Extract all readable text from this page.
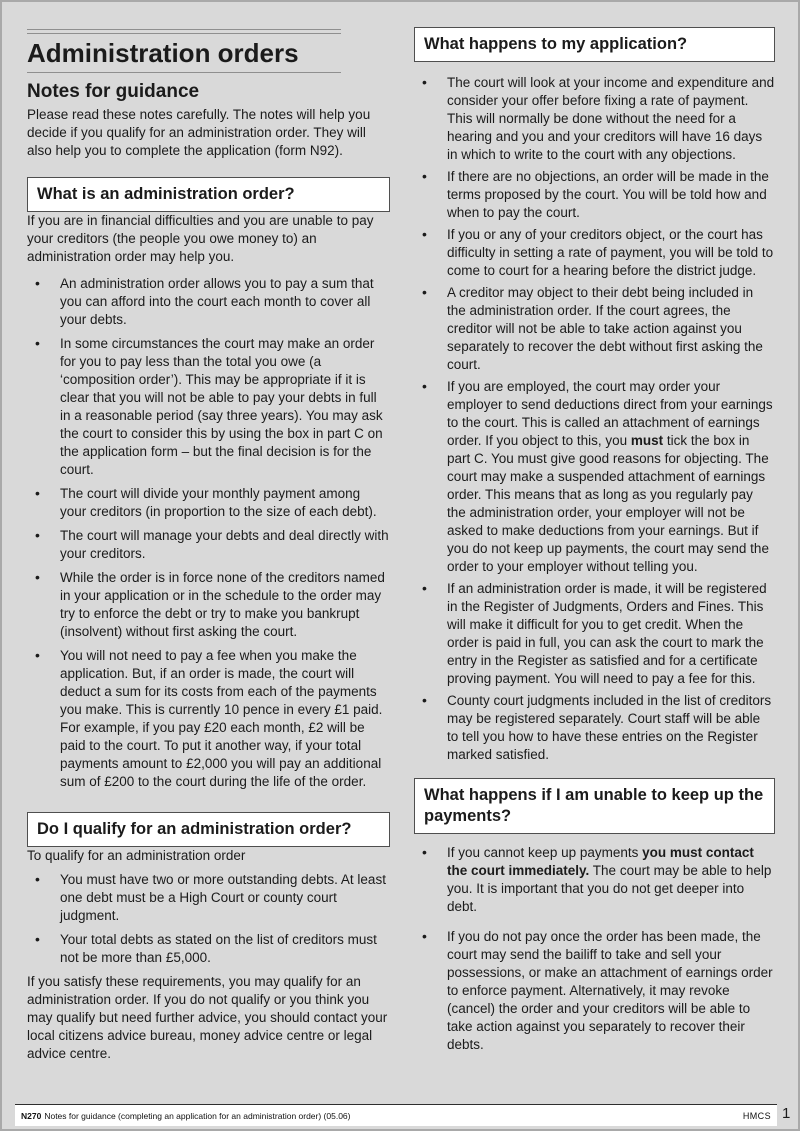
Administration orders
Notes for guidance

Please read these notes carefully. The notes will help you decide if you qualify for an administration order. They will also help you to complete the application (form N92).

What is an administration order?

If you are in financial difficulties and you are unable to pay your creditors (the people you owe money to) an administration order may help you.

• An administration order allows you to pay a sum that you can afford into the court each month to cover all your debts.
• In some circumstances the court may make an order for you to pay less than the total you owe (a ‘composition order’). This may be appropriate if it is clear that you will not be able to pay your debts in full in a reasonable period (say three years). You may ask the court to consider this by using the box in part C on the application form – but the final decision is for the court.
• The court will divide your monthly payment among your creditors (in proportion to the size of each debt).
• The court will manage your debts and deal directly with your creditors.
• While the order is in force none of the creditors named in your application or in the schedule to the order may try to enforce the debt or try to make you bankrupt (insolvent) without first asking the court.
• You will not need to pay a fee when you make the application. But, if an order is made, the court will deduct a sum for its costs from each of the payments you make. This is currently 10 pence in every £1 paid. For example, if you pay £20 each month, £2 will be paid to the court. To put it another way, if your total payments amount to £2,000 you will pay an additional sum of £200 to the court during the life of the order.
Do I qualify for an administration order?

To qualify for an administration order

• You must have two or more outstanding debts. At least one debt must be a High Court or county court judgment.
• Your total debts as stated on the list of creditors must not be more than £5,000.

If you satisfy these requirements, you may qualify for an administration order. If you do not qualify or you think you may qualify but need further advice, you should contact your local citizens advice bureau, money advice centre or legal advice centre.

What happens to my application?
• The court will look at your income and expenditure and consider your offer before fixing a rate of payment. This will normally be done without the need for a hearing and you and your creditors will have 16 days in which to write to the court with any objections.
• If there are no objections, an order will be made in the terms proposed by the court. You will be told how and when to pay the court.
• If you or any of your creditors object, or the court has difficulty in setting a rate of payment, you will be told to come to court for a hearing before the district judge.
• A creditor may object to their debt being included in the administration order. If the court agrees, the creditor will not be able to take action against you separately to recover the debt without first asking the court.
• If you are employed, the court may order your employer to send deductions direct from your earnings to the court. This is called an attachment of earnings order. If you object to this, you must tick the box in part C. You must give good reasons for objecting. The court may make a suspended attachment of earnings order. This means that as long as you regularly pay the administration order, your employer will not be asked to make deductions from your earnings. But if you do not keep up payments, the court may send the order to your employer without telling you.
• If an administration order is made, it will be registered in the Register of Judgments, Orders and Fines. This will make it difficult for you to get credit. When the order is paid in full, you can ask the court to mark the entry in the Register as satisfied and for a certificate proving payment. You will need to pay a fee for this.
• County court judgments included in the list of creditors may be registered separately. Court staff will be able to tell you how to have these entries on the Register marked satisfied.
What happens if I am unable to keep up the payments?
• If you cannot keep up payments you must contact the court immediately. The court may be able to help you. It is important that you do not get deeper into debt.
• If you do not pay once the order has been made, the court may send the bailiff to take and sell your possessions, or make an attachment of earnings order to enforce payment. Alternatively, it may revoke (cancel) the order and your creditors will be able to take action against you separately to recover their debts.
N270 Notes for guidance (completing an application for an administration order) (05.06)	HMCS 1
